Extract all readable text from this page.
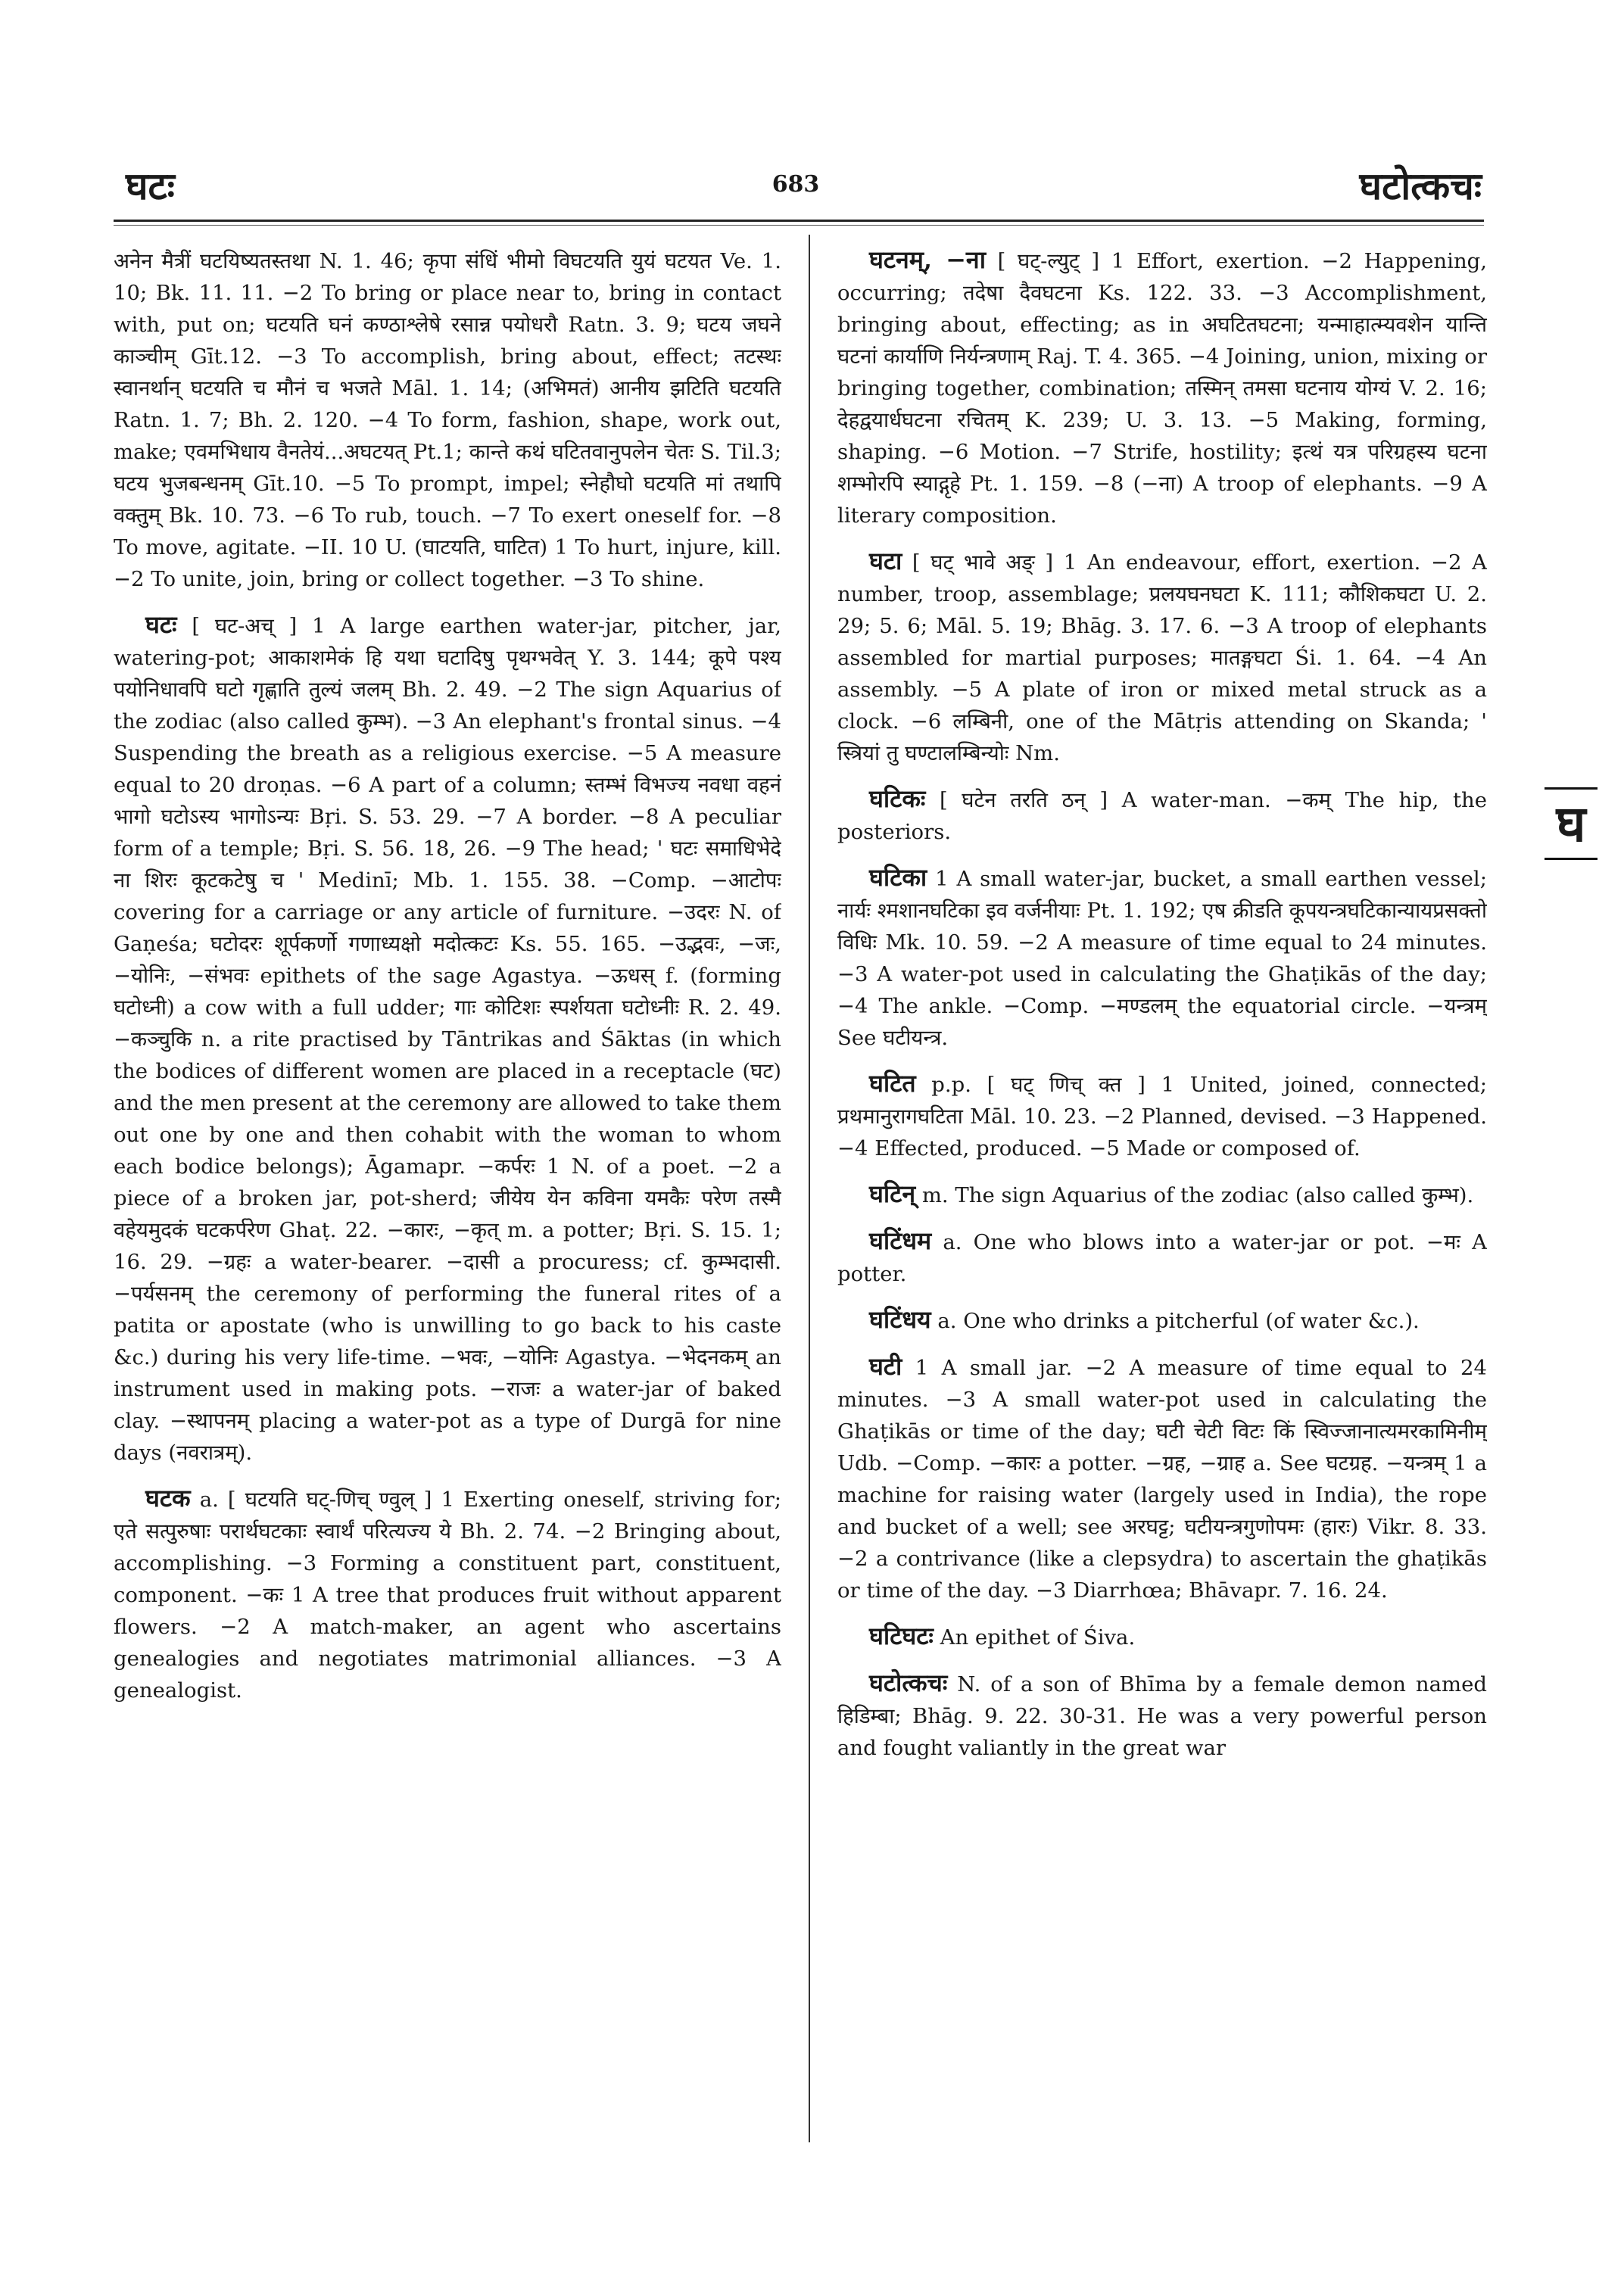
घटः	683	घटोत्कचः

अनेन मैत्रीं घटयिष्यतस्तथा N. 1. 46; कृपा संधिं भीमो विघटयति युयं घटयत Ve. 1. 10; Bk. 11. 11. −2 To bring or place near to, bring in contact with, put on; घटयति घनं कण्ठाश्लेषे रसान्न पयोधरौ Ratn. 3. 9; घटय जघने काञ्चीम् Gīt.12. −3 To accomplish, bring about, effect; तटस्थः स्वानर्थान् घटयति च मौनं च भजते Māl. 1. 14; (अभिमतं) आनीय झटिति घटयति Ratn. 1. 7; Bh. 2. 120. −4 To form, fashion, shape, work out, make; एवमभिधाय वैनतेयं...अघटयत् Pt.1; कान्ते कथं घटितवानुपलेन चेतः S. Til.3; घटय भुजबन्धनम् Gīt.10. −5 To prompt, impel; स्नेहौघो घटयति मां तथापि वक्तुम् Bk. 10. 73. −6 To rub, touch. −7 To exert oneself for. −8 To move, agitate. −II. 10 U. (घाटयति, घाटित) 1 To hurt, injure, kill. −2 To unite, join, bring or collect together. −3 To shine.

घटः [ घट-अच् ] 1 A large earthen water-jar, pitcher, jar, watering-pot; आकाशमेकं हि यथा घटादिषु पृथग्भवेत् Y. 3. 144; कूपे पश्य पयोनिधावपि घटो गृह्णाति तुल्यं जलम् Bh. 2. 49. −2 The sign Aquarius of the zodiac (also called कुम्भ). −3 An elephant's frontal sinus. −4 Suspending the breath as a religious exercise. −5 A measure equal to 20 droṇas. −6 A part of a column; स्तम्भं विभज्य नवधा वहनं भागो घटोऽस्य भागोऽन्यः Bṛi. S. 53. 29. −7 A border. −8 A peculiar form of a temple; Bṛi. S. 56. 18, 26. −9 The head; ' घटः समाधिभेदे ना शिरः कूटकटेषु च ' Medinī; Mb. 1. 155. 38. −Comp. −आटोपः covering for a carriage or any article of furniture. −उदरः N. of Gaṇeśa; घटोदरः शूर्पकर्णो गणाध्यक्षो मदोत्कटः Ks. 55. 165. −उद्भवः, −जः, −योनिः, −संभवः epithets of the sage Agastya. −ऊधस् f. (forming घटोध्नी) a cow with a full udder; गाः कोटिशः स्पर्शयता घटोध्नीः R. 2. 49. −कञ्चुकि n. a rite practised by Tāntrikas and Śāktas (in which the bodices of different women are placed in a receptacle (घट) and the men present at the ceremony are allowed to take them out one by one and then cohabit with the woman to whom each bodice belongs); Āgamapr. −कर्परः 1 N. of a poet. −2 a piece of a broken jar, pot-sherd; जीयेय येन कविना यमकैः परेण तस्मै वहेयमुदकं घटकर्परेण Ghaṭ. 22. −कारः, −कृत् m. a potter; Bṛi. S. 15. 1; 16. 29. −ग्रहः a water-bearer. −दासी a procuress; cf. कुम्भदासी. −पर्यसनम् the ceremony of performing the funeral rites of a patita or apostate (who is unwilling to go back to his caste &c.) during his very life-time. −भवः, −योनिः Agastya. −भेदनकम् an instrument used in making pots. −राजः a water-jar of baked clay. −स्थापनम् placing a water-pot as a type of Durgā for nine days (नवरात्रम्).

घटक a. [ घटयति घट्-णिच् ण्वुल् ] 1 Exerting oneself, striving for; एते सत्पुरुषाः परार्थघटकाः स्वार्थं परित्यज्य ये Bh. 2. 74. −2 Bringing about, accomplishing. −3 Forming a constituent part, constituent, component. −कः 1 A tree that produces fruit without apparent flowers. −2 A match-maker, an agent who ascertains genealogies and negotiates matrimonial alliances. −3 A genealogist.

घटनम्, −ना [ घट्-ल्युट् ] 1 Effort, exertion. −2 Happening, occurring; तदेषा दैवघटना Ks. 122. 33. −3 Accomplishment, bringing about, effecting; as in अघटितघटना; यन्माहात्म्यवशेन यान्ति घटनां कार्याणि निर्यन्त्रणाम् Raj. T. 4. 365. −4 Joining, union, mixing or bringing together, combination; तस्मिन् तमसा घटनाय योग्यं V. 2. 16; देहद्वयार्धघटना रचितम् K. 239; U. 3. 13. −5 Making, forming, shaping. −6 Motion. −7 Strife, hostility; इत्थं यत्र परिग्रहस्य घटना शम्भोरपि स्याद्गृहे Pt. 1. 159. −8 (−ना) A troop of elephants. −9 A literary composition.

घटा [ घट् भावे अङ् ] 1 An endeavour, effort, exertion. −2 A number, troop, assemblage; प्रलयघनघटा K. 111; कौशिकघटा U. 2. 29; 5. 6; Māl. 5. 19; Bhāg. 3. 17. 6. −3 A troop of elephants assembled for martial purposes; मातङ्गघटा Śi. 1. 64. −4 An assembly. −5 A plate of iron or mixed metal struck as a clock. −6 लम्बिनी, one of the Mātṛis attending on Skanda; ' स्त्रियां तु घण्टालम्बिन्योः Nm.

घटिकः [ घटेन तरति ठन् ] A water-man. −कम् The hip, the posteriors.

घटिका 1 A small water-jar, bucket, a small earthen vessel; नार्यः श्मशानघटिका इव वर्जनीयाः Pt. 1. 192; एष क्रीडति कूपयन्त्रघटिकान्यायप्रसक्तो विधिः Mk. 10. 59. −2 A measure of time equal to 24 minutes. −3 A water-pot used in calculating the Ghaṭikās of the day; −4 The ankle. −Comp. −मण्डलम् the equatorial circle. −यन्त्रम् See घटीयन्त्र.

घटित p.p. [ घट् णिच् क्त ] 1 United, joined, connected; प्रथमानुरागघटिता Māl. 10. 23. −2 Planned, devised. −3 Happened. −4 Effected, produced. −5 Made or composed of.

घटिन् m. The sign Aquarius of the zodiac (also called कुम्भ).

घटिंधम a. One who blows into a water-jar or pot. −मः A potter.

घटिंधय a. One who drinks a pitcherful (of water &c.).

घटी 1 A small jar. −2 A measure of time equal to 24 minutes. −3 A small water-pot used in calculating the Ghaṭikās or time of the day; घटी चेटी विटः किं स्विज्जानात्यमरकामिनीम् Udb. −Comp. −कारः a potter. −ग्रह, −ग्राह a. See घटग्रह. −यन्त्रम् 1 a machine for raising water (largely used in India), the rope and bucket of a well; see अरघट्ट; घटीयन्त्रगुणोपमः (हारः) Vikr. 8. 33. −2 a contrivance (like a clepsydra) to ascertain the ghaṭikās or time of the day. −3 Diarrhœa; Bhāvapr. 7. 16. 24.

घटिघटः An epithet of Śiva.

घटोत्कचः N. of a son of Bhīma by a female demon named हिडिम्बा; Bhāg. 9. 22. 30-31. He was a very powerful person and fought valiantly in the great war

घ
